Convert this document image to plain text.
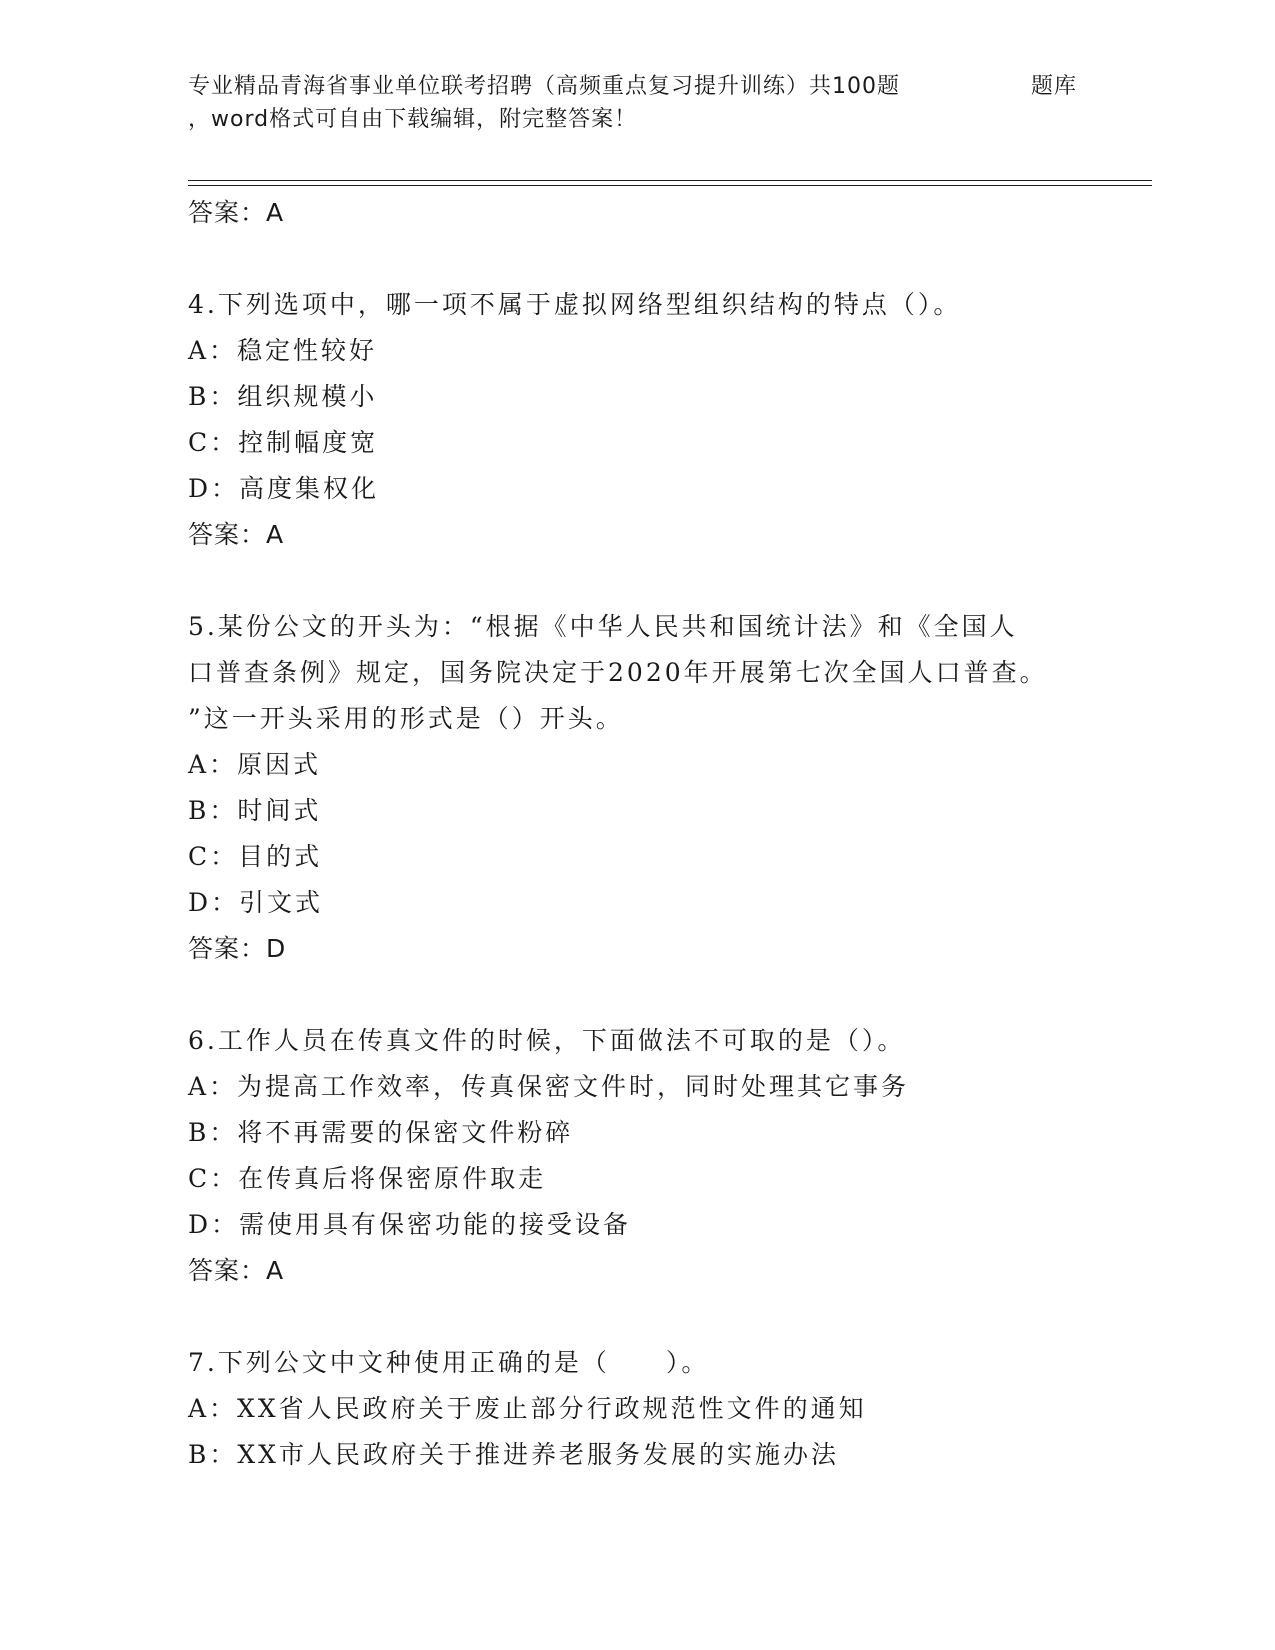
专业精品青海省事业单位联考招聘（高频重点复习提升训练）共100题	题库
，word格式可自由下载编辑，附完整答案！
答案：A
4.下列选项中，哪一项不属于虚拟网络型组织结构的特点（）。
A：稳定性较好
B：组织规模小
C：控制幅度宽
D：高度集权化
答案：A
5.某份公文的开头为：“根据《中华人民共和国统计法》和《全国人
口普查条例》规定，国务院决定于2020年开展第七次全国人口普查。
”这一开头采用的形式是（）开头。
A：原因式
B：时间式
C：目的式
D：引文式
答案：D
6.工作人员在传真文件的时候，下面做法不可取的是（）。
A：为提高工作效率，传真保密文件时，同时处理其它事务
B：将不再需要的保密文件粉碎
C：在传真后将保密原件取走
D：需使用具有保密功能的接受设备
答案：A
7.下列公文中文种使用正确的是（　　）。
A：XX省人民政府关于废止部分行政规范性文件的通知
B：XX市人民政府关于推进养老服务发展的实施办法
